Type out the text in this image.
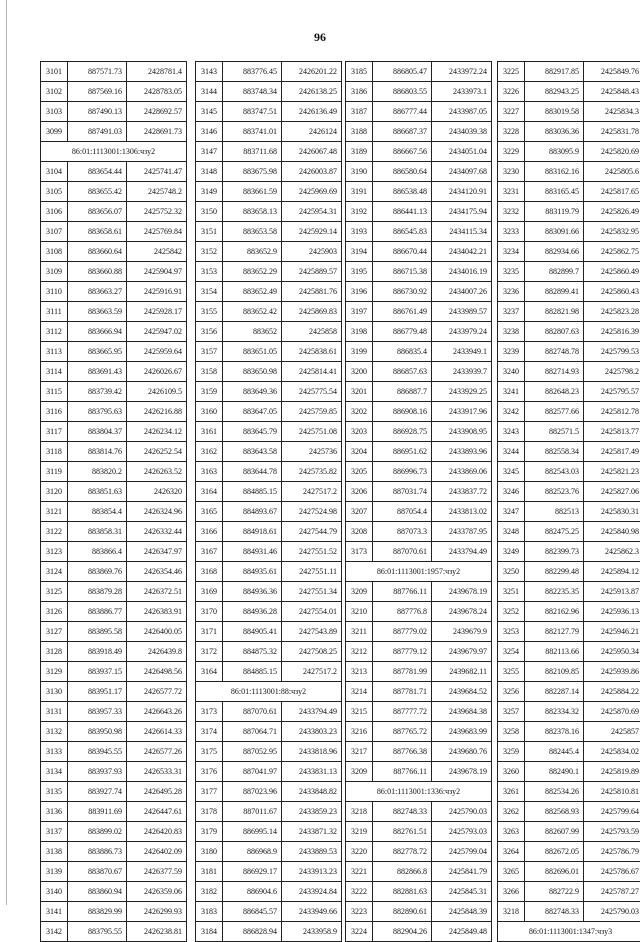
96
3101	887571.73	2428781.4
3102	887569.16	2428783.05
3103	887490.13	2428692.57
3099	887491.03	2428691.73
86:01:1113001:1306:чзу2		
3104	883654.44	2425741.47
3105	883655.42	2425748.2
3106	883656.07	2425752.32
3107	883658.61	2425769.84
3108	883660.64	2425842
3109	883660.88	2425904.97
3110	883663.27	2425916.91
3111	883663.59	2425928.17
3112	883666.94	2425947.02
3113	883665.95	2425959.64
3114	883691.43	2426026.67
3115	883739.42	2426109.5
3116	883795.63	2426216.88
3117	883804.37	2426234.12
3118	883814.76	2426252.54
3119	883820.2	2426263.52
3120	883851.63	2426320
3121	883854.4	2426324.96
3122	883858.31	2426332.44
3123	883866.4	2426347.97
3124	883869.76	2426354.46
3125	883879.28	2426372.51
3126	883886.77	2426383.91
3127	883895.58	2426400.05
3128	883918.49	2426439.8
3129	883937.15	2426498.56
3130	883951.17	2426577.72
3131	883957.33	2426643.26
3132	883950.98	2426614.33
3133	883945.55	2426577.26
3134	883937.93	2426533.31
3135	883927.74	2426495.28
3136	883911.69	2426447.61
3137	883899.02	2426420.83
3138	883886.73	2426402.09
3139	883870.67	2426377.59
3140	883860.94	2426359.06
3141	883829.99	2426299.93
3142	883795.55	2426238.81
3143	883776.45	2426201.22
3144	883748.34	2426138.25
3145	883747.51	2426136.49
3146	883741.01	2426124
3147	883711.68	2426067.48
3148	883675.98	2426003.87
3149	883661.59	2425969.69
3150	883658.13	2425954.31
3151	883653.58	2425929.14
3152	883652.9	2425903
3153	883652.29	2425889.57
3154	883652.49	2425881.76
3155	883652.42	2425869.83
3156	883652	2425858
3157	883651.05	2425838.61
3158	883650.98	2425814.41
3159	883649.36	2425775.54
3160	883647.05	2425759.85
3161	883645.79	2425751.08
3162	883643.58	2425736
3163	883644.78	2425735.82
3164	884885.15	2427517.2
3165	884893.67	2427524.98
3166	884918.61	2427544.79
3167	884931.46	2427551.52
3168	884935.61	2427551.11
3169	884936.36	2427551.34
3170	884936.28	2427554.01
3171	884905.41	2427543.89
3172	884875.32	2427508.25
3164	884885.15	2427517.2
86:01:1113001:88:чзу2		
3173	887070.61	2433794.49
3174	887064.71	2433803.23
3175	887052.95	2433818.96
3176	887041.97	2433831.13
3177	887023.96	2433848.82
3178	887011.67	2433859.23
3179	886995.14	2433871.32
3180	886968.9	2433889.53
3181	886929.17	2433913.23
3182	886904.6	2433924.84
3183	886845.57	2433949.66
3184	886828.94	2433958.9
3185	886805.47	2433972.24
3186	886803.55	2433973.1
3187	886777.44	2433987.05
3188	886687.37	2434039.38
3189	886667.56	2434051.04
3190	886580.64	2434097.68
3191	886538.48	2434120.91
3192	886441.13	2434175.94
3193	886545.83	2434115.34
3194	886670.44	2434042.21
3195	886715.38	2434016.19
3196	886730.92	2434007.26
3197	886761.49	2433989.57
3198	886779.48	2433979.24
3199	886835.4	2433949.1
3200	886857.63	2433939.7
3201	886887.7	2433929.25
3202	886908.16	2433917.96
3203	886928.75	2433908.95
3204	886951.62	2433893.96
3205	886996.73	2433869.06
3206	887031.74	2433837.72
3207	887054.4	2433813.02
3208	887073.3	2433787.95
3173	887070.61	2433794.49
86:01:1113001:1957:чзу2		
3209	887766.11	2439678.19
3210	887776.8	2439678.24
3211	887779.02	2439679.9
3212	887779.12	2439679.97
3213	887781.99	2439682.11
3214	887781.71	2439684.52
3215	887777.72	2439684.38
3216	887765.72	2439683.99
3217	887766.38	2439680.76
3209	887766.11	2439678.19
86:01:1113001:1336:чзу2		
3218	882748.33	2425790.03
3219	882761.51	2425793.03
3220	882778.72	2425799.04
3221	882866.8	2425841.79
3222	882881.63	2425845.31
3223	882890.61	2425848.39
3224	882904.26	2425849.48
3225	882917.85	2425849.76
3226	882943.25	2425848.43
3227	883019.58	2425834.3
3228	883036.36	2425831.78
3229	883095.9	2425820.69
3230	883162.16	2425805.6
3231	883165.45	2425817.65
3232	883119.79	2425826.49
3233	883091.66	2425832.95
3234	882934.66	2425862.75
3235	882899.7	2425860.49
3236	882899.41	2425860.43
3237	882821.98	2425823.28
3238	882807.63	2425816.39
3239	882748.78	2425799.53
3240	882714.93	2425798.2
3241	882648.23	2425795.57
3242	882577.66	2425812.78
3243	882571.5	2425813.77
3244	882558.34	2425817.49
3245	882543.03	2425821.23
3246	882523.76	2425827.06
3247	882513	2425830.31
3248	882475.25	2425840.98
3249	882399.73	2425862.3
3250	882299.48	2425894.12
3251	882235.35	2425913.87
3252	882162.96	2425936.13
3253	882127.79	2425946.21
3254	882113.66	2425950.34
3255	882109.85	2425939.86
3256	882287.14	2425884.22
3257	882334.32	2425870.69
3258	882378.16	2425857
3259	882445.4	2425834.02
3260	882490.1	2425819.89
3261	882534.26	2425810.81
3262	882568.93	2425799.64
3263	882607.99	2425793.59
3264	882672.05	2425786.79
3265	882696.01	2425786.67
3266	882722.9	2425787.27
3218	882748.33	2425790.03
86:01:1113001:1347:чзу3		
